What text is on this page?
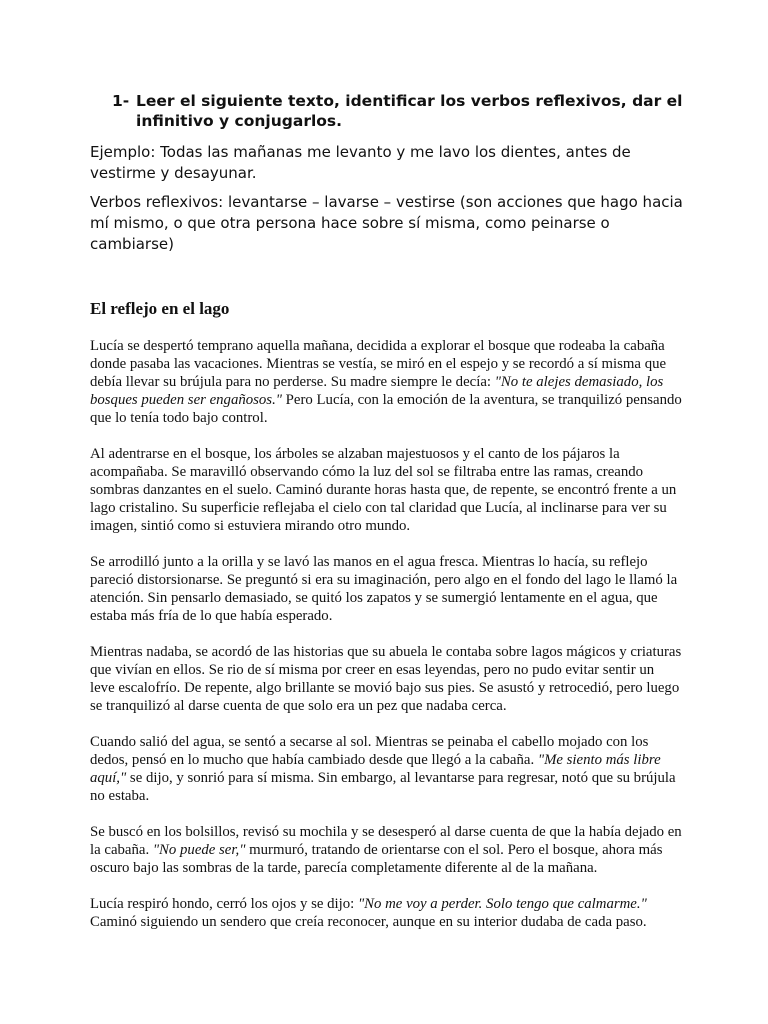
1- Leer el siguiente texto, identificar los verbos reflexivos, dar el infinitivo y conjugarlos.
Ejemplo: Todas las mañanas me levanto y me lavo los dientes, antes de vestirme y desayunar.
Verbos reflexivos: levantarse – lavarse – vestirse (son acciones que hago hacia mí mismo, o que otra persona hace sobre sí misma, como peinarse o cambiarse)
El reflejo en el lago

Lucía se despertó temprano aquella mañana, decidida a explorar el bosque que rodeaba la cabaña donde pasaba las vacaciones. Mientras se vestía, se miró en el espejo y se recordó a sí misma que debía llevar su brújula para no perderse. Su madre siempre le decía: "No te alejes demasiado, los bosques pueden ser engañosos." Pero Lucía, con la emoción de la aventura, se tranquilizó pensando que lo tenía todo bajo control.

Al adentrarse en el bosque, los árboles se alzaban majestuosos y el canto de los pájaros la acompañaba. Se maravilló observando cómo la luz del sol se filtraba entre las ramas, creando sombras danzantes en el suelo. Caminó durante horas hasta que, de repente, se encontró frente a un lago cristalino. Su superficie reflejaba el cielo con tal claridad que Lucía, al inclinarse para ver su imagen, sintió como si estuviera mirando otro mundo.

Se arrodilló junto a la orilla y se lavó las manos en el agua fresca. Mientras lo hacía, su reflejo pareció distorsionarse. Se preguntó si era su imaginación, pero algo en el fondo del lago le llamó la atención. Sin pensarlo demasiado, se quitó los zapatos y se sumergió lentamente en el agua, que estaba más fría de lo que había esperado.

Mientras nadaba, se acordó de las historias que su abuela le contaba sobre lagos mágicos y criaturas que vivían en ellos. Se rio de sí misma por creer en esas leyendas, pero no pudo evitar sentir un leve escalofrío. De repente, algo brillante se movió bajo sus pies. Se asustó y retrocedió, pero luego se tranquilizó al darse cuenta de que solo era un pez que nadaba cerca.

Cuando salió del agua, se sentó a secarse al sol. Mientras se peinaba el cabello mojado con los dedos, pensó en lo mucho que había cambiado desde que llegó a la cabaña. "Me siento más libre aquí," se dijo, y sonrió para sí misma. Sin embargo, al levantarse para regresar, notó que su brújula no estaba.

Se buscó en los bolsillos, revisó su mochila y se desesperó al darse cuenta de que la había dejado en la cabaña. "No puede ser," murmuró, tratando de orientarse con el sol. Pero el bosque, ahora más oscuro bajo las sombras de la tarde, parecía completamente diferente al de la mañana.

Lucía respiró hondo, cerró los ojos y se dijo: "No me voy a perder. Solo tengo que calmarme." Caminó siguiendo un sendero que creía reconocer, aunque en su interior dudaba de cada paso.
